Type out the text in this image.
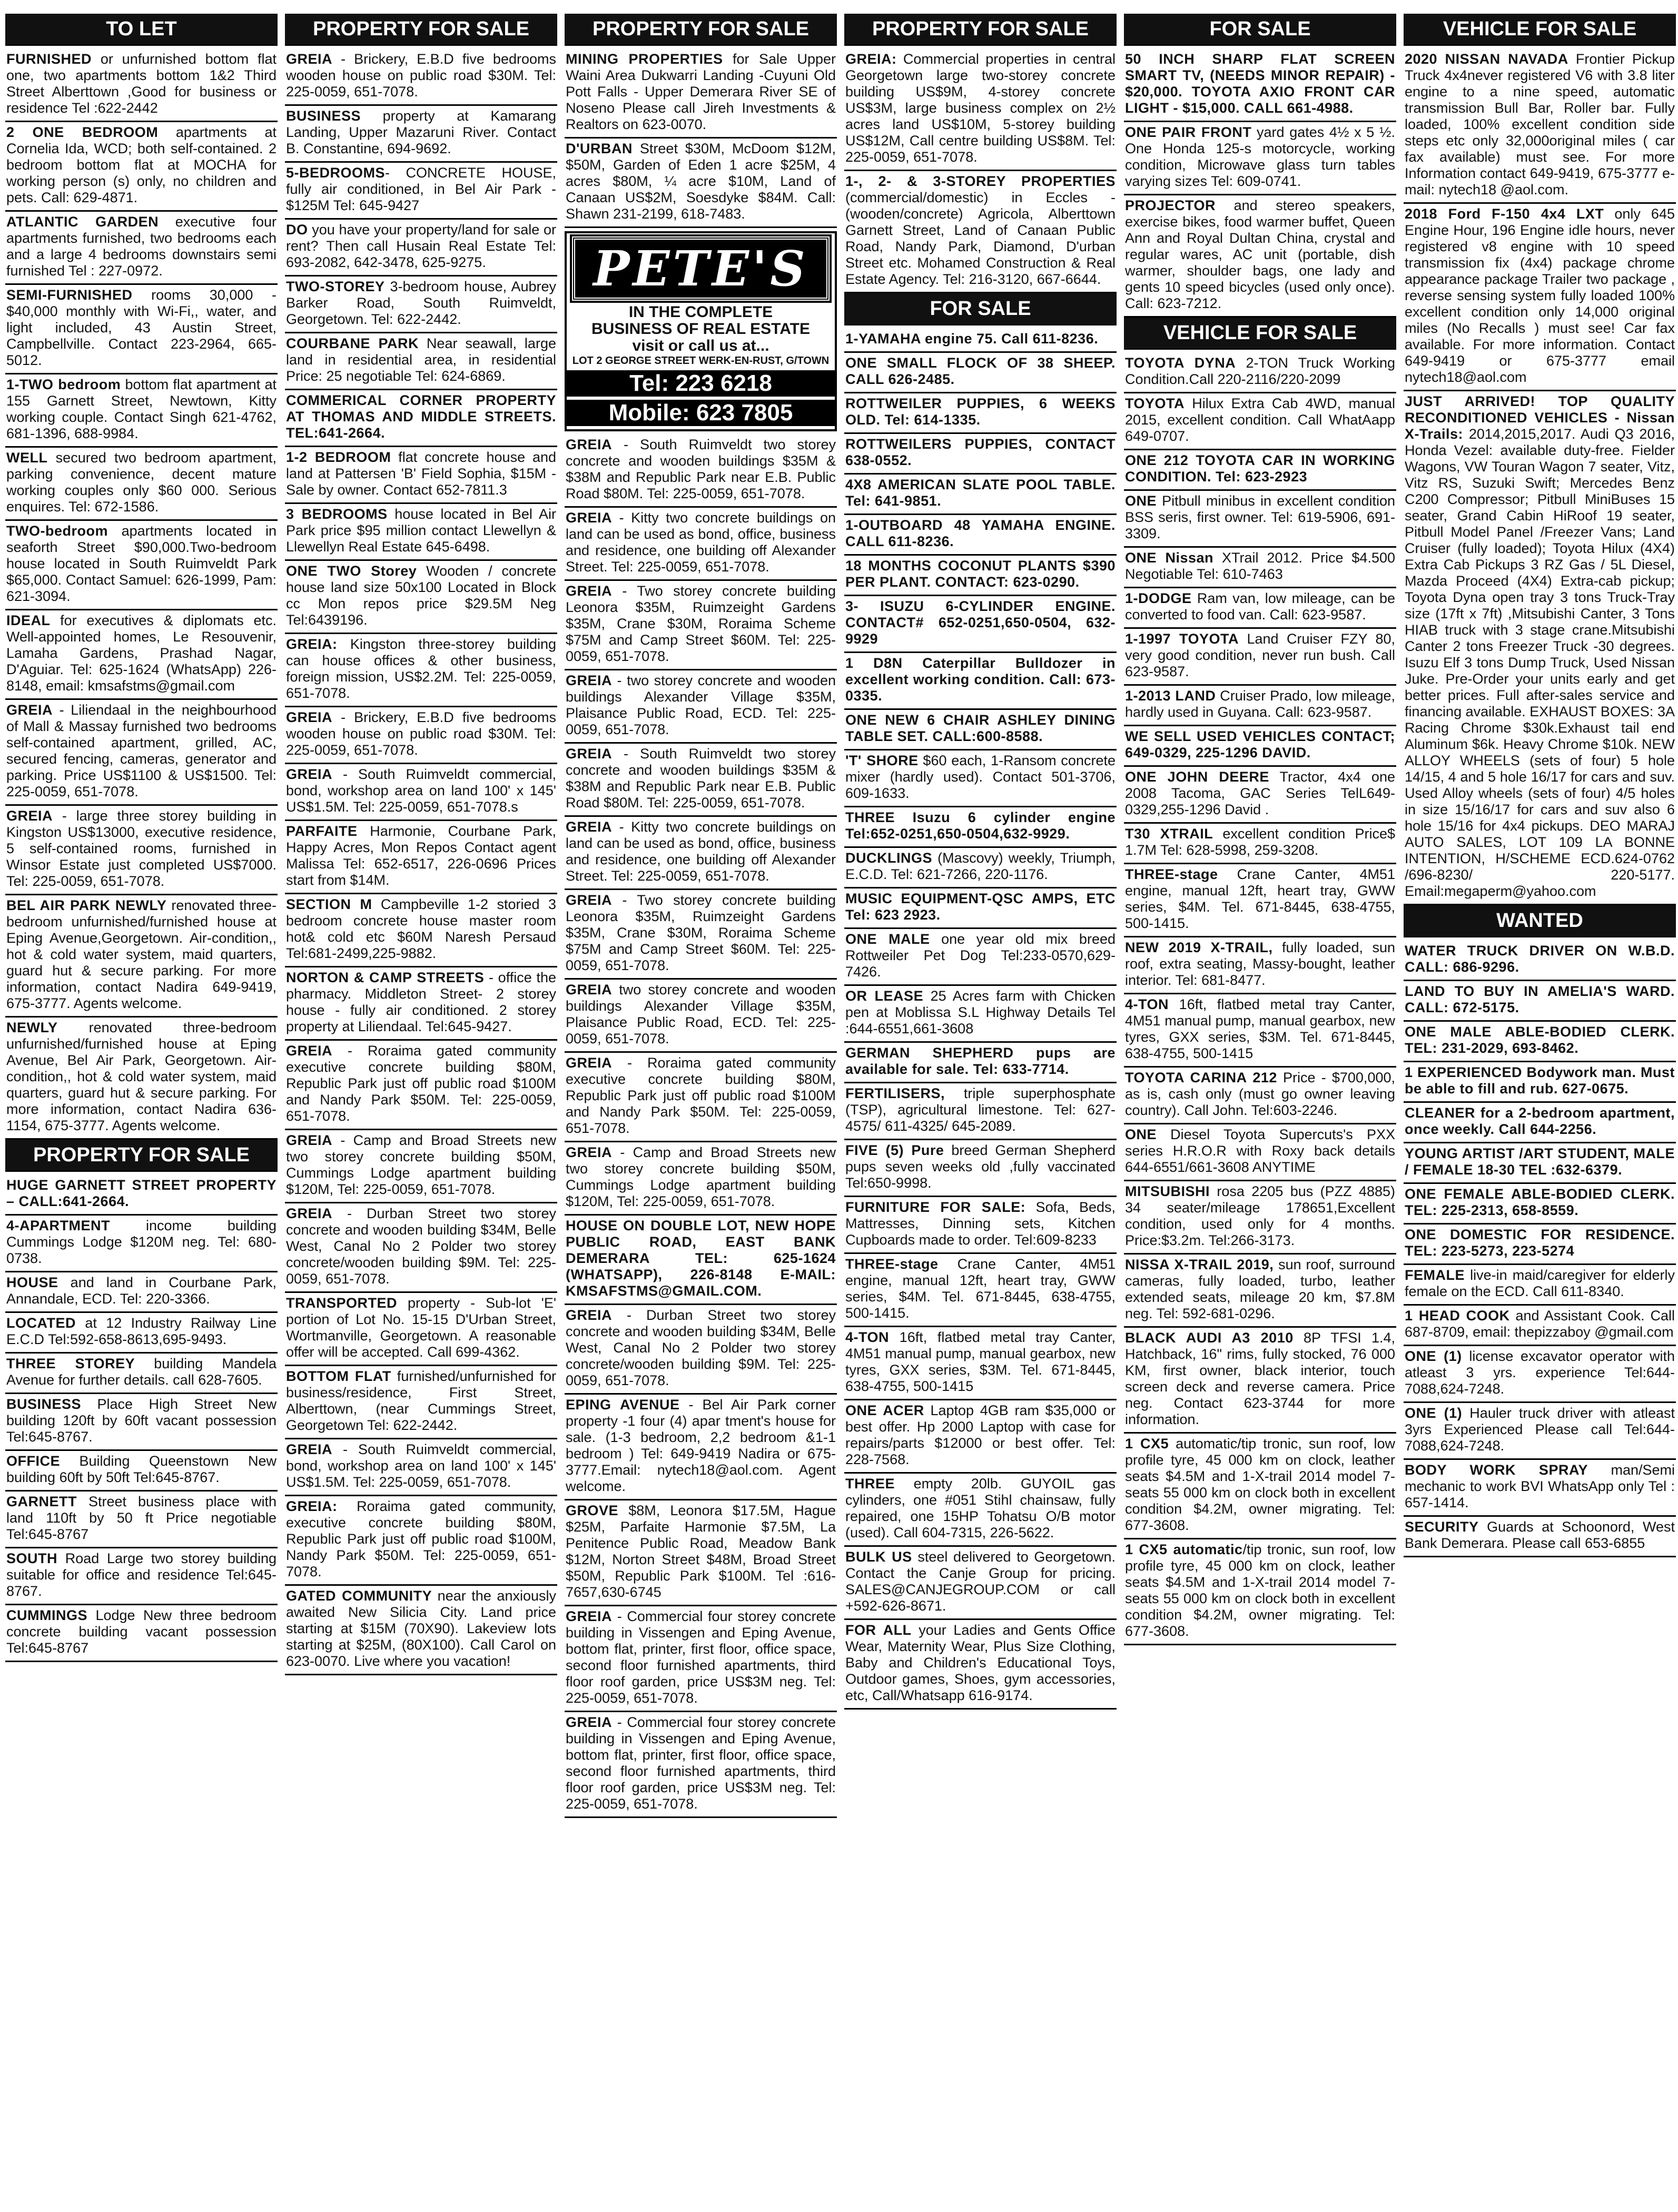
TO LET

FURNISHED or unfurnished bottom flat one, two apartments bottom 1&2 Third Street Alberttown ,Good for business or residence Tel :622-2442

2 ONE BEDROOM apartments at Cornelia Ida, WCD; both self-contained. 2 bedroom bottom flat at MOCHA for working person (s) only, no children and pets. Call: 629-4871.

ATLANTIC GARDEN executive four apartments furnished, two bedrooms each and a large 4 bedrooms downstairs semi furnished Tel : 227-0972.

SEMI-FURNISHED rooms 30,000 - $40,000 monthly with Wi-Fi,, water, and light included, 43 Austin Street, Campbellville. Contact 223-2964, 665-5012.

1-TWO bedroom bottom flat apartment at 155 Garnett Street, Newtown, Kitty working couple. Contact Singh 621-4762, 681-1396, 688-9984.

WELL secured two bedroom apartment, parking convenience, decent mature working couples only $60 000. Serious enquires. Tel: 672-1586.

TWO-bedroom apartments located in seaforth Street $90,000.Two-bedroom house located in South Ruimveldt Park $65,000. Contact Samuel: 626-1999, Pam: 621-3094.

IDEAL for executives & diplomats etc. Well-appointed homes, Le Resouvenir, Lamaha Gardens, Prashad Nagar, D'Aguiar. Tel: 625-1624 (WhatsApp) 226-8148, email: kmsafstms@gmail.com

GREIA - Liliendaal in the neighbourhood of Mall & Massay furnished two bedrooms self-contained apartment, grilled, AC, secured fencing, cameras, generator and parking. Price US$1100 & US$1500. Tel: 225-0059, 651-7078.

GREIA - large three storey building in Kingston US$13000, executive residence, 5 self-contained rooms, furnished in Winsor Estate just completed US$7000. Tel: 225-0059, 651-7078.

BEL AIR PARK NEWLY renovated three-bedroom unfurnished/furnished house at Eping Avenue,Georgetown. Air-condition,, hot & cold water system, maid quarters, guard hut & secure parking. For more information, contact Nadira 649-9419, 675-3777. Agents welcome.

NEWLY renovated three-bedroom unfurnished/furnished house at Eping Avenue, Bel Air Park, Georgetown. Air-condition,, hot & cold water system, maid quarters, guard hut & secure parking. For more information, contact Nadira 636-1154, 675-3777. Agents welcome.

PROPERTY FOR SALE

HUGE GARNETT STREET PROPERTY – CALL:641-2664.

4-APARTMENT income building Cummings Lodge $120M neg. Tel: 680-0738.

HOUSE and land in Courbane Park, Annandale, ECD. Tel: 220-3366.

LOCATED at 12 Industry Railway Line E.C.D Tel:592-658-8613,695-9493.

THREE STOREY building Mandela Avenue for further details. call 628-7605.

BUSINESS Place High Street New building 120ft by 60ft vacant possession Tel:645-8767.

OFFICE Building Queenstown New building 60ft by 50ft Tel:645-8767.

GARNETT Street business place with land 110ft by 50 ft Price negotiable Tel:645-8767

SOUTH Road Large two storey building suitable for office and residence Tel:645-8767.

CUMMINGS Lodge New three bedroom concrete building vacant possession Tel:645-8767

PROPERTY FOR SALE

GREIA - Brickery, E.B.D five bedrooms wooden house on public road $30M. Tel: 225-0059, 651-7078.

BUSINESS property at Kamarang Landing, Upper Mazaruni River. Contact B. Constantine, 694-9692.

5-BEDROOMS- CONCRETE HOUSE, fully air conditioned, in Bel Air Park - $125M Tel: 645-9427

DO you have your property/land for sale or rent? Then call Husain Real Estate Tel: 693-2082, 642-3478, 625-9275.

TWO-STOREY 3-bedroom house, Aubrey Barker Road, South Ruimveldt, Georgetown. Tel: 622-2442.

COURBANE PARK Near seawall, large land in residential area, in residential Price: 25 negotiable Tel: 624-6869.

COMMERICAL CORNER PROPERTY AT THOMAS AND MIDDLE STREETS. TEL:641-2664.

1-2 BEDROOM flat concrete house and land at Pattersen 'B' Field Sophia, $15M - Sale by owner. Contact 652-7811.3

3 BEDROOMS house located in Bel Air Park price $95 million contact Llewellyn & Llewellyn Real Estate 645-6498.

ONE TWO Storey Wooden / concrete house land size 50x100 Located in Block cc Mon repos price $29.5M Neg Tel:6439196.

GREIA: Kingston three-storey building can house offices & other business, foreign mission, US$2.2M. Tel: 225-0059, 651-7078.

GREIA - Brickery, E.B.D five bedrooms wooden house on public road $30M. Tel: 225-0059, 651-7078.

GREIA - South Ruimveldt commercial, bond, workshop area on land 100' x 145' US$1.5M. Tel: 225-0059, 651-7078.s

PARFAITE Harmonie, Courbane Park, Happy Acres, Mon Repos Contact agent Malissa Tel: 652-6517, 226-0696 Prices start from $14M.

SECTION M Campbeville 1-2 storied 3 bedroom concrete house master room hot& cold etc $60M Naresh Persaud Tel:681-2499,225-9882.

NORTON & CAMP STREETS - office the pharmacy. Middleton Street- 2 storey house - fully air conditioned. 2 storey property at Liliendaal. Tel:645-9427.

GREIA - Roraima gated community executive concrete building $80M, Republic Park just off public road $100M and Nandy Park $50M. Tel: 225-0059, 651-7078.

GREIA - Camp and Broad Streets new two storey concrete building $50M, Cummings Lodge apartment building $120M, Tel: 225-0059, 651-7078.

GREIA - Durban Street two storey concrete and wooden building $34M, Belle West, Canal No 2 Polder two storey concrete/wooden building $9M. Tel: 225-0059, 651-7078.

TRANSPORTED property - Sub-lot 'E' portion of Lot No. 15-15 D'Urban Street, Wortmanville, Georgetown. A reasonable offer will be accepted. Call 699-4362.

BOTTOM FLAT furnished/unfurnished for business/residence, First Street, Alberttown, (near Cummings Street, Georgetown Tel: 622-2442.

GREIA - South Ruimveldt commercial, bond, workshop area on land 100' x 145' US$1.5M. Tel: 225-0059, 651-7078.

GREIA: Roraima gated community, executive concrete building $80M, Republic Park just off public road $100M, Nandy Park $50M. Tel: 225-0059, 651-7078.

GATED COMMUNITY near the anxiously awaited New Silicia City. Land price starting at $15M (70X90). Lakeview lots starting at $25M, (80X100). Call Carol on 623-0070. Live where you vacation!

PROPERTY FOR SALE

MINING PROPERTIES for Sale Upper Waini Area Dukwarri Landing -Cuyuni Old Pott Falls - Upper Demerara River SE of Noseno Please call Jireh Investments & Realtors on 623-0070.

D'URBAN Street $30M, McDoom $12M, $50M, Garden of Eden 1 acre $25M, 4 acres $80M, ¼ acre $10M, Land of Canaan US$2M, Soesdyke $84M. Call: Shawn 231-2199, 618-7483.

PETE'S
IN THE COMPLETE
BUSINESS OF REAL ESTATE
visit or call us at...
LOT 2 GEORGE STREET WERK-EN-RUST, G/TOWN
Tel: 223 6218
Mobile: 623 7805

GREIA - South Ruimveldt two storey concrete and wooden buildings $35M & $38M and Republic Park near E.B. Public Road $80M. Tel: 225-0059, 651-7078.

GREIA - Kitty two concrete buildings on land can be used as bond, office, business and residence, one building off Alexander Street. Tel: 225-0059, 651-7078.

GREIA - Two storey concrete building Leonora $35M, Ruimzeight Gardens $35M, Crane $30M, Roraima Scheme $75M and Camp Street $60M. Tel: 225-0059, 651-7078.

GREIA - two storey concrete and wooden buildings Alexander Village $35M, Plaisance Public Road, ECD. Tel: 225-0059, 651-7078.

GREIA - South Ruimveldt two storey concrete and wooden buildings $35M & $38M and Republic Park near E.B. Public Road $80M. Tel: 225-0059, 651-7078.

GREIA - Kitty two concrete buildings on land can be used as bond, office, business and residence, one building off Alexander Street. Tel: 225-0059, 651-7078.

GREIA - Two storey concrete building Leonora $35M, Ruimzeight Gardens $35M, Crane $30M, Roraima Scheme $75M and Camp Street $60M. Tel: 225-0059, 651-7078.

GREIA two storey concrete and wooden buildings Alexander Village $35M, Plaisance Public Road, ECD. Tel: 225-0059, 651-7078.

GREIA - Roraima gated community executive concrete building $80M, Republic Park just off public road $100M and Nandy Park $50M. Tel: 225-0059, 651-7078.

GREIA - Camp and Broad Streets new two storey concrete building $50M, Cummings Lodge apartment building $120M, Tel: 225-0059, 651-7078.

HOUSE ON DOUBLE LOT, NEW HOPE PUBLIC ROAD, EAST BANK DEMERARA TEL: 625-1624 (WHATSAPP), 226-8148 E-MAIL: KMSAFSTMS@GMAIL.COM.

GREIA - Durban Street two storey concrete and wooden building $34M, Belle West, Canal No 2 Polder two storey concrete/wooden building $9M. Tel: 225-0059, 651-7078.

EPING AVENUE - Bel Air Park corner property -1 four (4) apar tment's house for sale. (1-3 bedroom, 2,2 bedroom &1-1 bedroom ) Tel: 649-9419 Nadira or 675-3777.Email: nytech18@aol.com. Agent welcome.

GROVE $8M, Leonora $17.5M, Hague $25M, Parfaite Harmonie $7.5M, La Penitence Public Road, Meadow Bank $12M, Norton Street $48M, Broad Street $50M, Republic Park $100M. Tel :616-7657,630-6745

GREIA - Commercial four storey concrete building in Vissengen and Eping Avenue, bottom flat, printer, first floor, office space, second floor furnished apartments, third floor roof garden, price US$3M neg. Tel: 225-0059, 651-7078.

GREIA - Commercial four storey concrete building in Vissengen and Eping Avenue, bottom flat, printer, first floor, office space, second floor furnished apartments, third floor roof garden, price US$3M neg. Tel: 225-0059, 651-7078.

PROPERTY FOR SALE

GREIA: Commercial properties in central Georgetown large two-storey concrete building US$9M, 4-storey concrete US$3M, large business complex on 2½ acres land US$10M, 5-storey building US$12M, Call centre building US$8M. Tel: 225-0059, 651-7078.

1-, 2- & 3-STOREY PROPERTIES (commercial/domestic) in Eccles - (wooden/concrete) Agricola, Alberttown Garnett Street, Land of Canaan Public Road, Nandy Park, Diamond, D'urban Street etc. Mohamed Construction & Real Estate Agency. Tel: 216-3120, 667-6644.

FOR SALE

1-YAMAHA engine 75. Call 611-8236.

ONE SMALL FLOCK OF 38 SHEEP. CALL 626-2485.

ROTTWEILER PUPPIES, 6 WEEKS OLD. Tel: 614-1335.

ROTTWEILERS PUPPIES, CONTACT 638-0552.

4X8 AMERICAN SLATE POOL TABLE. Tel: 641-9851.

1-OUTBOARD 48 YAMAHA ENGINE. CALL 611-8236.

18 MONTHS COCONUT PLANTS $390 PER PLANT. CONTACT: 623-0290.

3- ISUZU 6-CYLINDER ENGINE. CONTACT# 652-0251,650-0504, 632-9929

1 D8N Caterpillar Bulldozer in excellent working condition. Call: 673-0335.

ONE NEW 6 CHAIR ASHLEY DINING TABLE SET. CALL:600-8588.

'T' SHORE $60 each, 1-Ransom concrete mixer (hardly used). Contact 501-3706, 609-1633.

THREE Isuzu 6 cylinder engine Tel:652-0251,650-0504,632-9929.

DUCKLINGS (Mascovy) weekly, Triumph, E.C.D. Tel: 621-7266, 220-1176.

MUSIC EQUIPMENT-QSC AMPS, ETC Tel: 623 2923.

ONE MALE one year old mix breed Rottweiler Pet Dog Tel:233-0570,629-7426.

OR LEASE 25 Acres farm with Chicken pen at Moblissa S.L Highway Details Tel :644-6551,661-3608

GERMAN SHEPHERD pups are available for sale. Tel: 633-7714.

FERTILISERS, triple superphosphate (TSP), agricultural limestone. Tel: 627-4575/ 611-4325/ 645-2089.

FIVE (5) Pure breed German Shepherd pups seven weeks old ,fully vaccinated Tel:650-9998.

FURNITURE FOR SALE: Sofa, Beds, Mattresses, Dinning sets, Kitchen Cupboards made to order. Tel:609-8233

THREE-stage Crane Canter, 4M51 engine, manual 12ft, heart tray, GWW series, $4M. Tel. 671-8445, 638-4755, 500-1415.

4-TON 16ft, flatbed metal tray Canter, 4M51 manual pump, manual gearbox, new tyres, GXX series, $3M. Tel. 671-8445, 638-4755, 500-1415

ONE ACER Laptop 4GB ram $35,000 or best offer. Hp 2000 Laptop with case for repairs/parts $12000 or best offer. Tel: 228-7568.

THREE empty 20lb. GUYOIL gas cylinders, one #051 Stihl chainsaw, fully repaired, one 15HP Tohatsu O/B motor (used). Call 604-7315, 226-5622.

BULK US steel delivered to Georgetown. Contact the Canje Group for pricing. SALES@CANJEGROUP.COM or call +592-626-8671.

FOR ALL your Ladies and Gents Office Wear, Maternity Wear, Plus Size Clothing, Baby and Children's Educational Toys, Outdoor games, Shoes, gym accessories, etc, Call/Whatsapp 616-9174.

FOR SALE

50 INCH SHARP FLAT SCREEN SMART TV, (NEEDS MINOR REPAIR) - $20,000. TOYOTA AXIO FRONT CAR LIGHT - $15,000. CALL 661-4988.

ONE PAIR FRONT yard gates 4½ x 5 ½. One Honda 125-s motorcycle, working condition, Microwave glass turn tables varying sizes Tel: 609-0741.

PROJECTOR and stereo speakers, exercise bikes, food warmer buffet, Queen Ann and Royal Dultan China, crystal and regular wares, AC unit (portable, dish warmer, shoulder bags, one lady and gents 10 speed bicycles (used only once). Call: 623-7212.

VEHICLE FOR SALE

TOYOTA DYNA 2-TON Truck Working Condition.Call 220-2116/220-2099

TOYOTA Hilux Extra Cab 4WD, manual 2015, excellent condition. Call WhatAapp 649-0707.

ONE 212 TOYOTA CAR IN WORKING CONDITION. Tel: 623-2923

ONE Pitbull minibus in excellent condition BSS seris, first owner. Tel: 619-5906, 691-3309.

ONE Nissan XTrail 2012. Price $4.500 Negotiable Tel: 610-7463

1-DODGE Ram van, low mileage, can be converted to food van. Call: 623-9587.

1-1997 TOYOTA Land Cruiser FZY 80, very good condition, never run bush. Call 623-9587.

1-2013 LAND Cruiser Prado, low mileage, hardly used in Guyana. Call: 623-9587.

WE SELL USED VEHICLES CONTACT; 649-0329, 225-1296 DAVID.

ONE JOHN DEERE Tractor, 4x4 one 2008 Tacoma, GAC Series TelL649-0329,255-1296 David .

T30 XTRAIL excellent condition Price$ 1.7M Tel: 628-5998, 259-3208.

THREE-stage Crane Canter, 4M51 engine, manual 12ft, heart tray, GWW series, $4M. Tel. 671-8445, 638-4755, 500-1415.

NEW 2019 X-TRAIL, fully loaded, sun roof, extra seating, Massy-bought, leather interior. Tel: 681-8477.

4-TON 16ft, flatbed metal tray Canter, 4M51 manual pump, manual gearbox, new tyres, GXX series, $3M. Tel. 671-8445, 638-4755, 500-1415

TOYOTA CARINA 212 Price - $700,000, as is, cash only (must go owner leaving country). Call John. Tel:603-2246.

ONE Diesel Toyota Supercuts's PXX series H.R.O.R with Roxy back details 644-6551/661-3608 ANYTIME

MITSUBISHI rosa 2205 bus (PZZ 4885) 34 seater/mileage 178651,Excellent condition, used only for 4 months. Price:$3.2m. Tel:266-3173.

NISSA X-TRAIL 2019, sun roof, surround cameras, fully loaded, turbo, leather extended seats, mileage 20 km, $7.8M neg. Tel: 592-681-0296.

BLACK AUDI A3 2010 8P TFSI 1.4, Hatchback, 16" rims, fully stocked, 76 000 KM, first owner, black interior, touch screen deck and reverse camera. Price neg. Contact 623-3744 for more information.

1 CX5 automatic/tip tronic, sun roof, low profile tyre, 45 000 km on clock, leather seats $4.5M and 1-X-trail 2014 model 7-seats 55 000 km on clock both in excellent condition $4.2M, owner migrating. Tel: 677-3608.

1 CX5 automatic/tip tronic, sun roof, low profile tyre, 45 000 km on clock, leather seats $4.5M and 1-X-trail 2014 model 7-seats 55 000 km on clock both in excellent condition $4.2M, owner migrating. Tel: 677-3608.

VEHICLE FOR SALE

2020 NISSAN NAVADA Frontier Pickup Truck 4x4never registered V6 with 3.8 liter engine to a nine speed, automatic transmission Bull Bar, Roller bar. Fully loaded, 100% excellent condition side steps etc only 32,000original miles ( car fax available) must see. For more Information contact 649-9419, 675-3777 e-mail: nytech18 @aol.com.

2018 Ford F-150 4x4 LXT only 645 Engine Hour, 196 Engine idle hours, never registered v8 engine with 10 speed transmission fix (4x4) package chrome appearance package Trailer two package , reverse sensing system fully loaded 100% excellent condition only 14,000 original miles (No Recalls ) must see! Car fax available. For more information. Contact 649-9419 or 675-3777 email nytech18@aol.com

JUST ARRIVED! TOP QUALITY RECONDITIONED VEHICLES - Nissan X-Trails: 2014,2015,2017. Audi Q3 2016, Honda Vezel: available duty-free. Fielder Wagons, VW Touran Wagon 7 seater, Vitz, Vitz RS, Suzuki Swift; Mercedes Benz C200 Compressor; Pitbull MiniBuses 15 seater, Grand Cabin HiRoof 19 seater, Pitbull Model Panel /Freezer Vans; Land Cruiser (fully loaded); Toyota Hilux (4X4) Extra Cab Pickups 3 RZ Gas / 5L Diesel, Mazda Proceed (4X4) Extra-cab pickup; Toyota Dyna open tray 3 tons Truck-Tray size (17ft x 7ft) ,Mitsubishi Canter, 3 Tons HIAB truck with 3 stage crane.Mitsubishi Canter 2 tons Freezer Truck -30 degrees. Isuzu Elf 3 tons Dump Truck, Used Nissan Juke. Pre-Order your units early and get better prices. Full after-sales service and financing available. EXHAUST BOXES: 3A Racing Chrome $30k.Exhaust tail end Aluminum $6k. Heavy Chrome $10k. NEW ALLOY WHEELS (sets of four) 5 hole 14/15, 4 and 5 hole 16/17 for cars and suv. Used Alloy wheels (sets of four) 4/5 holes in size 15/16/17 for cars and suv also 6 hole 15/16 for 4x4 pickups. DEO MARAJ AUTO SALES, LOT 109 LA BONNE INTENTION, H/SCHEME ECD.624-0762 /696-8230/ 220-5177. Email:megaperm@yahoo.com

WANTED

WATER TRUCK DRIVER ON W.B.D. CALL: 686-9296.

LAND TO BUY IN AMELIA'S WARD. CALL: 672-5175.

ONE MALE ABLE-BODIED CLERK. TEL: 231-2029, 693-8462.

1 EXPERIENCED Bodywork man. Must be able to fill and rub. 627-0675.

CLEANER for a 2-bedroom apartment, once weekly. Call 644-2256.

YOUNG ARTIST /ART STUDENT, MALE / FEMALE 18-30 TEL :632-6379.

ONE FEMALE ABLE-BODIED CLERK. TEL: 225-2313, 658-8559.

ONE DOMESTIC FOR RESIDENCE. TEL: 223-5273, 223-5274

FEMALE live-in maid/caregiver for elderly female on the ECD. Call 611-8340.

1 HEAD COOK and Assistant Cook. Call 687-8709, email: thepizzaboy @gmail.com

ONE (1) license excavator operator with atleast 3 yrs. experience Tel:644-7088,624-7248.

ONE (1) Hauler truck driver with atleast 3yrs Experienced Please call Tel:644-7088,624-7248.

BODY WORK SPRAY man/Semi mechanic to work BVI WhatsApp only Tel : 657-1414.

SECURITY Guards at Schoonord, West Bank Demerara. Please call 653-6855
